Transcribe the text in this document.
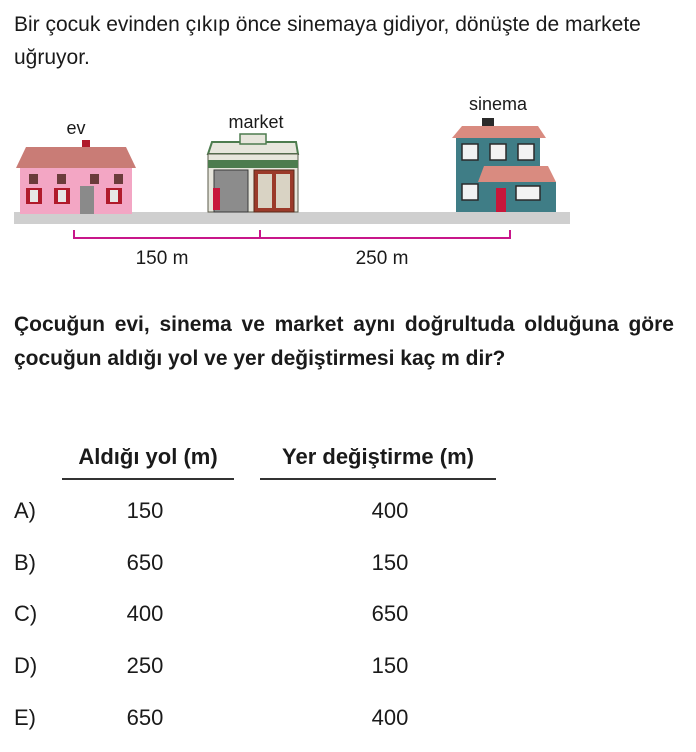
Bir çocuk evinden çıkıp önce sinemaya gidiyor, dönüşte de markete uğruyor.

ev	market
sinema
150 m	250 m

Çocuğun evi, sinema ve market aynı doğrultuda olduğuna göre çocuğun aldığı yol ve yer değiştirmesi kaç m dir?

Aldığı yol (m)	Yer değiştirme (m)
A)	150	400
B)	650	150
C)	400	650
D)	250	150
E)	650	400
